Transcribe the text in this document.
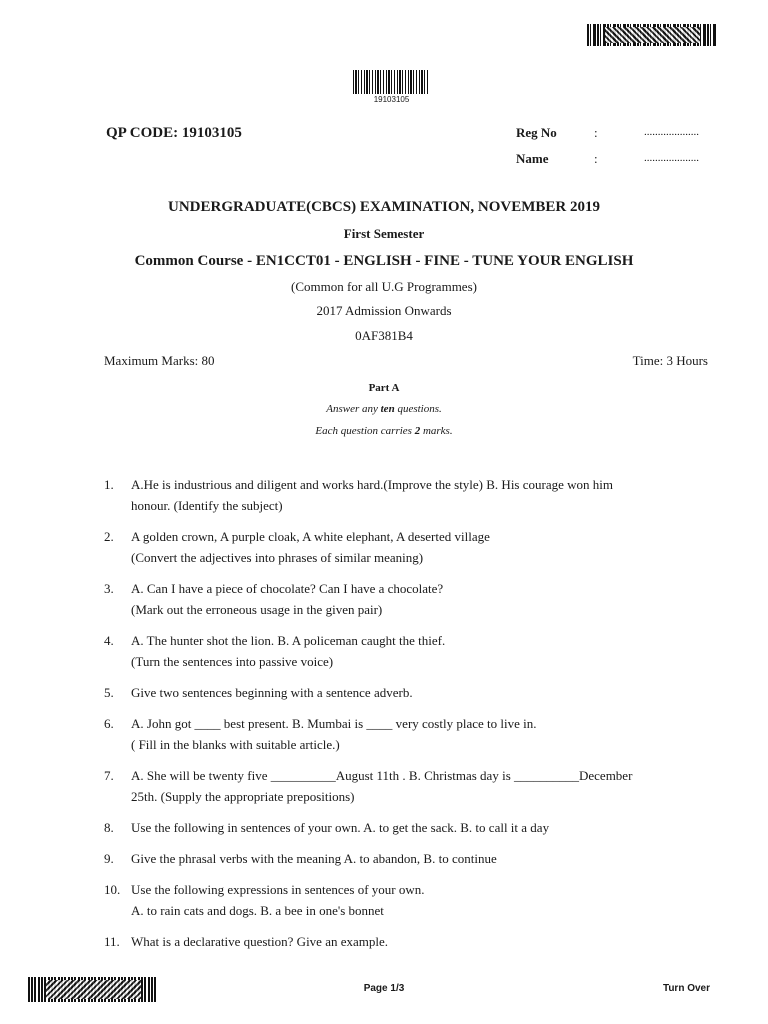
19103105
QP CODE: 19103105	Reg No	:	....................
Name	:	....................
UNDERGRADUATE(CBCS) EXAMINATION, NOVEMBER 2019
First Semester
Common Course - EN1CCT01 - ENGLISH - FINE - TUNE YOUR ENGLISH
(Common for all U.G Programmes)
2017 Admission Onwards
0AF381B4
Maximum Marks: 80	Time: 3 Hours
Part A
Answer any ten questions.
Each question carries 2 marks.
1. A.He is industrious and diligent and works hard.(Improve the style) B. His courage won him
honour. (Identify the subject)
2. A golden crown, A purple cloak, A white elephant, A deserted village
(Convert the adjectives into phrases of similar meaning)
3. A. Can I have a piece of chocolate? Can I have a chocolate?
(Mark out the erroneous usage in the given pair)
4. A. The hunter shot the lion. B. A policeman caught the thief.
(Turn the sentences into passive voice)
5. Give two sentences beginning with a sentence adverb.
6. A. John got ____ best present. B. Mumbai is ____ very costly place to live in.
( Fill in the blanks with suitable article.)
7. A. She will be twenty five __________August 11th . B. Christmas day is __________December
25th. (Supply the appropriate prepositions)
8. Use the following in sentences of your own. A. to get the sack. B. to call it a day
9. Give the phrasal verbs with the meaning A. to abandon, B. to continue
10. Use the following expressions in sentences of your own.
A. to rain cats and dogs. B. a bee in one's bonnet
11. What is a declarative question? Give an example.
Page 1/3	Turn Over
